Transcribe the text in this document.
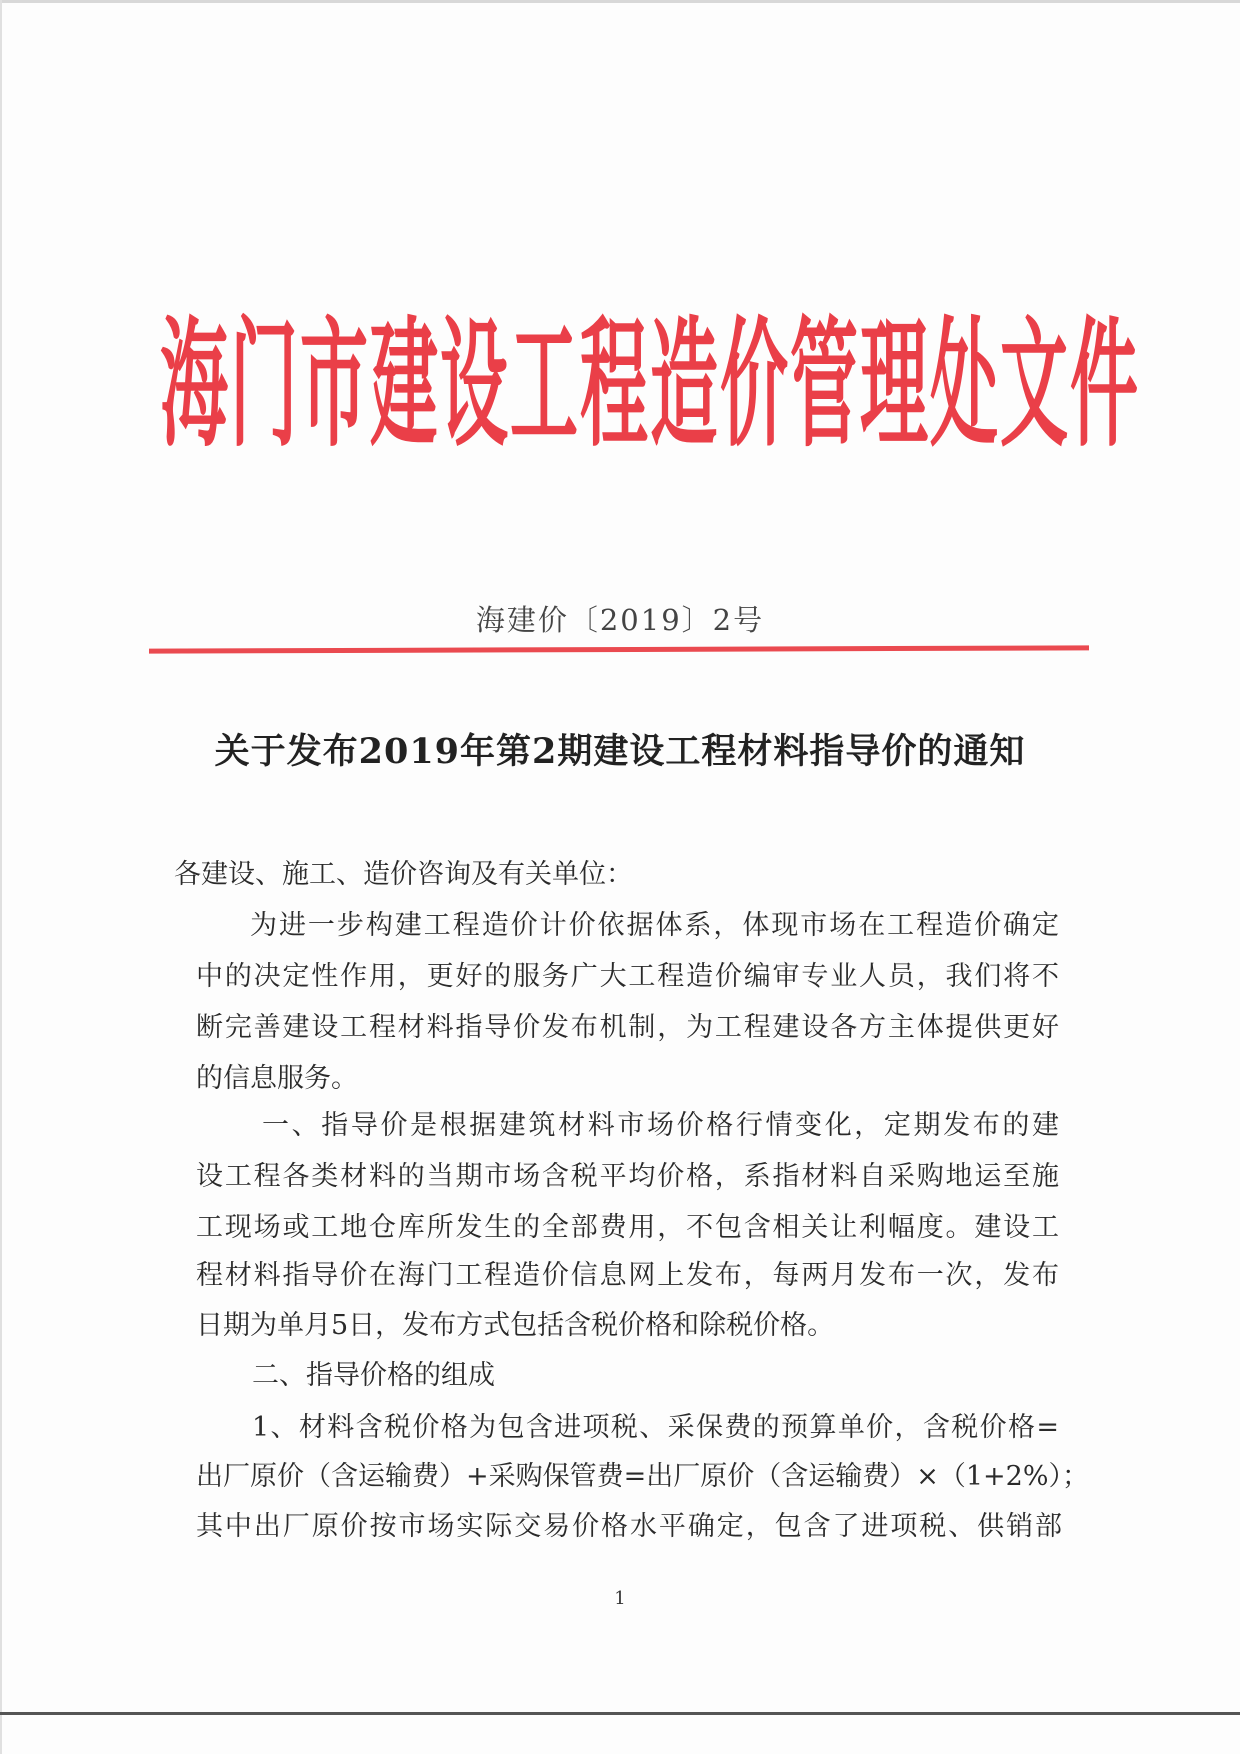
海门市建设工程造价管理处文件
海建价〔2019〕2号
关于发布2019年第2期建设工程材料指导价的通知
各建设、施工、造价咨询及有关单位：
为进一步构建工程造价计价依据体系，体现市场在工程造价确定
中的决定性作用，更好的服务广大工程造价编审专业人员，我们将不
断完善建设工程材料指导价发布机制，为工程建设各方主体提供更好
的信息服务。
一、指导价是根据建筑材料市场价格行情变化，定期发布的建
设工程各类材料的当期市场含税平均价格，系指材料自采购地运至施
工现场或工地仓库所发生的全部费用，不包含相关让利幅度。建设工
程材料指导价在海门工程造价信息网上发布，每两月发布一次，发布
日期为单月5日，发布方式包括含税价格和除税价格。
二、指导价格的组成
1、材料含税价格为包含进项税、采保费的预算单价，含税价格=
出厂原价（含运输费）+采购保管费=出厂原价（含运输费）×（1+2%）；
其中出厂原价按市场实际交易价格水平确定，包含了进项税、供销部
1
